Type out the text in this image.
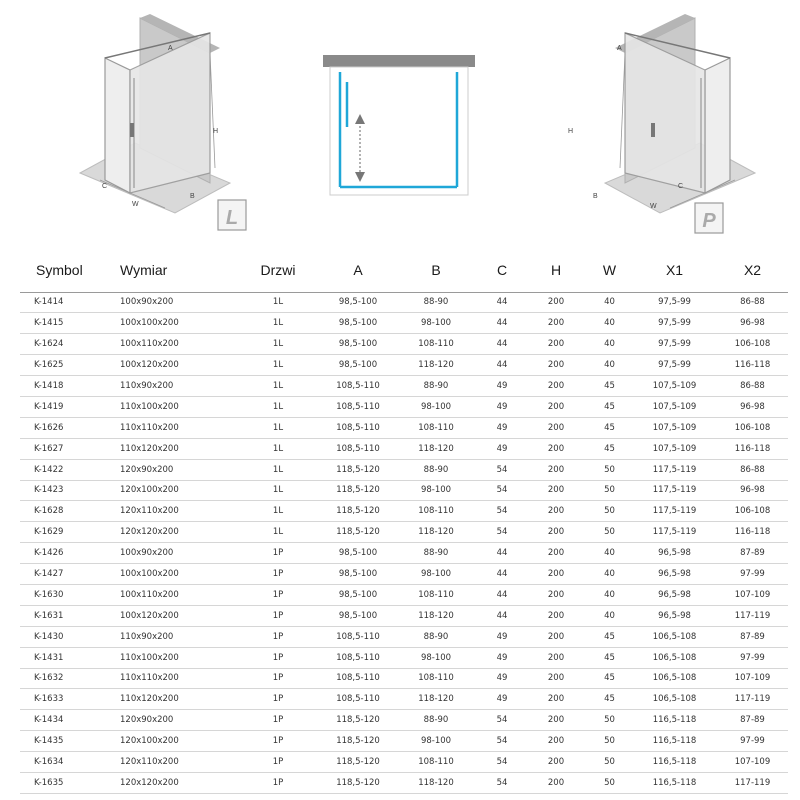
C
W
B
H
A
L
C
W
B
H
A
P
Symbol	Wymiar	Drzwi	A	B	C	H	W	X1	X2
K-1414	100x90x200	1L	98,5-100	88-90	44	200	40	97,5-99	86-88
K-1415	100x100x200	1L	98,5-100	98-100	44	200	40	97,5-99	96-98
K-1624	100x110x200	1L	98,5-100	108-110	44	200	40	97,5-99	106-108
K-1625	100x120x200	1L	98,5-100	118-120	44	200	40	97,5-99	116-118
K-1418	110x90x200	1L	108,5-110	88-90	49	200	45	107,5-109	86-88
K-1419	110x100x200	1L	108,5-110	98-100	49	200	45	107,5-109	96-98
K-1626	110x110x200	1L	108,5-110	108-110	49	200	45	107,5-109	106-108
K-1627	110x120x200	1L	108,5-110	118-120	49	200	45	107,5-109	116-118
K-1422	120x90x200	1L	118,5-120	88-90	54	200	50	117,5-119	86-88
K-1423	120x100x200	1L	118,5-120	98-100	54	200	50	117,5-119	96-98
K-1628	120x110x200	1L	118,5-120	108-110	54	200	50	117,5-119	106-108
K-1629	120x120x200	1L	118,5-120	118-120	54	200	50	117,5-119	116-118
K-1426	100x90x200	1P	98,5-100	88-90	44	200	40	96,5-98	87-89
K-1427	100x100x200	1P	98,5-100	98-100	44	200	40	96,5-98	97-99
K-1630	100x110x200	1P	98,5-100	108-110	44	200	40	96,5-98	107-109
K-1631	100x120x200	1P	98,5-100	118-120	44	200	40	96,5-98	117-119
K-1430	110x90x200	1P	108,5-110	88-90	49	200	45	106,5-108	87-89
K-1431	110x100x200	1P	108,5-110	98-100	49	200	45	106,5-108	97-99
K-1632	110x110x200	1P	108,5-110	108-110	49	200	45	106,5-108	107-109
K-1633	110x120x200	1P	108,5-110	118-120	49	200	45	106,5-108	117-119
K-1434	120x90x200	1P	118,5-120	88-90	54	200	50	116,5-118	87-89
K-1435	120x100x200	1P	118,5-120	98-100	54	200	50	116,5-118	97-99
K-1634	120x110x200	1P	118,5-120	108-110	54	200	50	116,5-118	107-109
K-1635	120x120x200	1P	118,5-120	118-120	54	200	50	116,5-118	117-119
